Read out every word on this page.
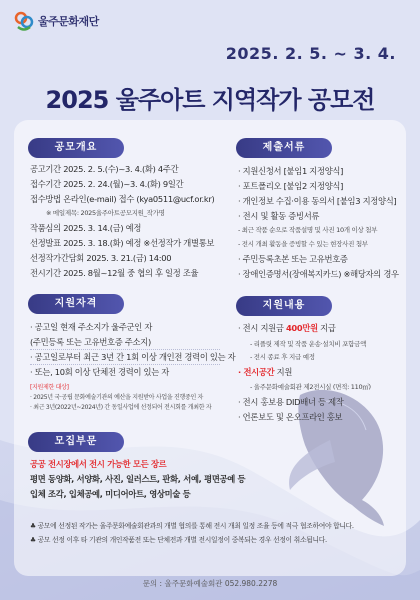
울주문화재단
2025. 2. 5. ~ 3. 4.
2025 울주아트 지역작가 공모전
공모개요
공고기간 2025. 2. 5.(수)~3. 4.(화) 4주간
접수기간 2025. 2. 24.(월)~3. 4.(화) 9일간
접수방법 온라인(e-mail) 접수 (kya0511@ucf.or.kr)
※ 메일제목: 2025울주아트공모지원_작가명
작품심의 2025. 3. 14.(금) 예정
선정발표 2025. 3. 18.(화) 예정 ※선정작가 개별통보
선정작가간담회 2025. 3. 21.(금) 14:00
전시기간 2025. 8월~12월 중 협의 후 일정 조율
지원자격
· 공고일 현재 주소지가 울주군인 자
(주민등록 또는 고유번호증 주소지)
· 공고일로부터 최근 3년 간 1회 이상 개인전 경력이 있는 자
· 또는, 10회 이상 단체전 경력이 있는 자
[지원제한 대상]
· 2025년 국·공립 문화예술기관의 예산을 지원받아 사업을 진행중인 자
· 최근 3년(2022년~2024년) 간 동일사업에 선정되어 전시회를 개최한 자
모집부문
공공 전시장에서 전시 가능한 모든 장르
평면 동양화, 서양화, 사진, 일러스트, 판화, 서예, 평면공예 등
입체 조각, 입체공예, 미디어아트, 영상미술 등
제출서류
· 지원신청서 [붙임1 지정양식]
· 포트폴리오 [붙임2 지정양식]
· 개인정보 수집·이용 동의서 [붙임3 지정양식]
· 전시 및 활동 증빙서류
- 최근 작품 순으로 작품설명 및 사진 10개 이상 첨부
- 전시 개최 활동을 증빙할 수 있는 현장사진 첨부
· 주민등록초본 또는 고유번호증
· 장애인증명서(장애복지카드) ※해당자의 경우
지원내용
· 전시 지원금 400만원 지급
- 리플릿 제작 및 작품 운송·설치비 포함금액
- 전시 종료 후 지급 예정
· 전시공간 지원
- 울주문화예술회관 제2전시실 (면적: 110㎡)
· 전시 홍보용 DID배너 등 제작
· 언론보도 및 온오프라인 홍보
♣ 공모에 선정된 작가는 울주문화예술회관과의 개별 협의를 통해 전시 개최 일정 조율 등에 적극 협조하여야 합니다.
♣ 공모 선정 이후 타 기관의 개인작품전 또는 단체전과 개별 전시일정이 중복되는 경우 선정이 취소됩니다.
문의 : 울주문화예술회관 052.980.2278
